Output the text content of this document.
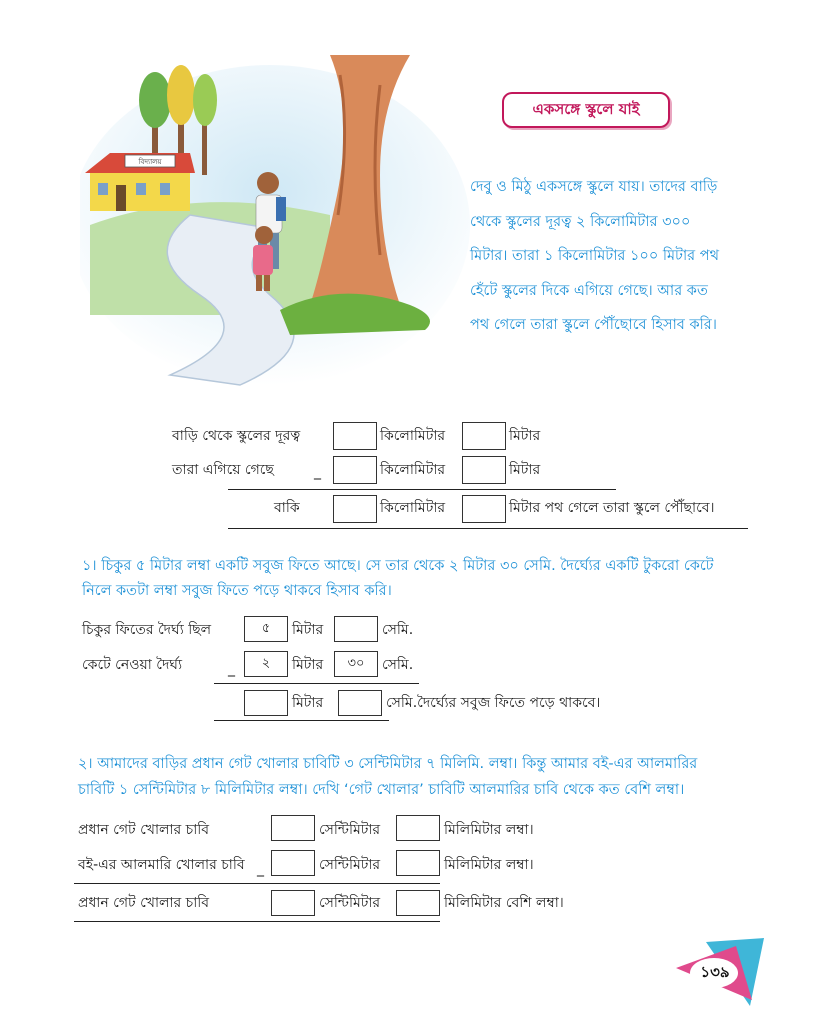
বিদ্যালয়
একসঙ্গে স্কুলে যাই
দেবু ও মিঠু একসঙ্গে স্কুলে যায়। তাদের বাড়ি
থেকে স্কুলের দূরত্ব ২ কিলোমিটার ৩০০
মিটার। তারা ১ কিলোমিটার ১০০ মিটার পথ
হেঁটে স্কুলের দিকে এগিয়ে গেছে। আর কত
পথ গেলে তারা স্কুলে পৌঁছোবে হিসাব করি।
বাড়ি থেকে স্কুলের দূরত্ব	কিলোমিটার	মিটার
তারা এগিয়ে গেছে	_	কিলোমিটার	মিটার
বাকি	কিলোমিটার	মিটার পথ গেলে তারা স্কুলে পৌঁছাবে।
১। চিকুর ৫ মিটার লম্বা একটি সবুজ ফিতে আছে। সে তার থেকে ২ মিটার ৩০ সেমি. দৈর্ঘ্যের একটি টুকরো কেটে
নিলে কতটা লম্বা সবুজ ফিতে পড়ে থাকবে হিসাব করি।
চিকুর ফিতের দৈর্ঘ্য ছিল	৫	মিটার	সেমি.
কেটে নেওয়া দৈর্ঘ্য	_	২	মিটার	৩০	সেমি.
মিটার	সেমি.দৈর্ঘ্যের সবুজ ফিতে পড়ে থাকবে।
২। আমাদের বাড়ির প্রধান গেট খোলার চাবিটি ৩ সেন্টিমিটার ৭ মিলিমি. লম্বা। কিন্তু আমার বই-এর আলমারির
চাবিটি ১ সেন্টিমিটার ৮ মিলিমিটার লম্বা। দেখি ‘গেট খোলার’ চাবিটি আলমারির চাবি থেকে কত বেশি লম্বা।
প্রধান গেট খোলার চাবি	সেন্টিমিটার	মিলিমিটার লম্বা।
বই-এর আলমারি খোলার চাবি _	সেন্টিমিটার	মিলিমিটার লম্বা।
প্রধান গেট খোলার চাবি	সেন্টিমিটার	মিলিমিটার বেশি লম্বা।
১৩৯
